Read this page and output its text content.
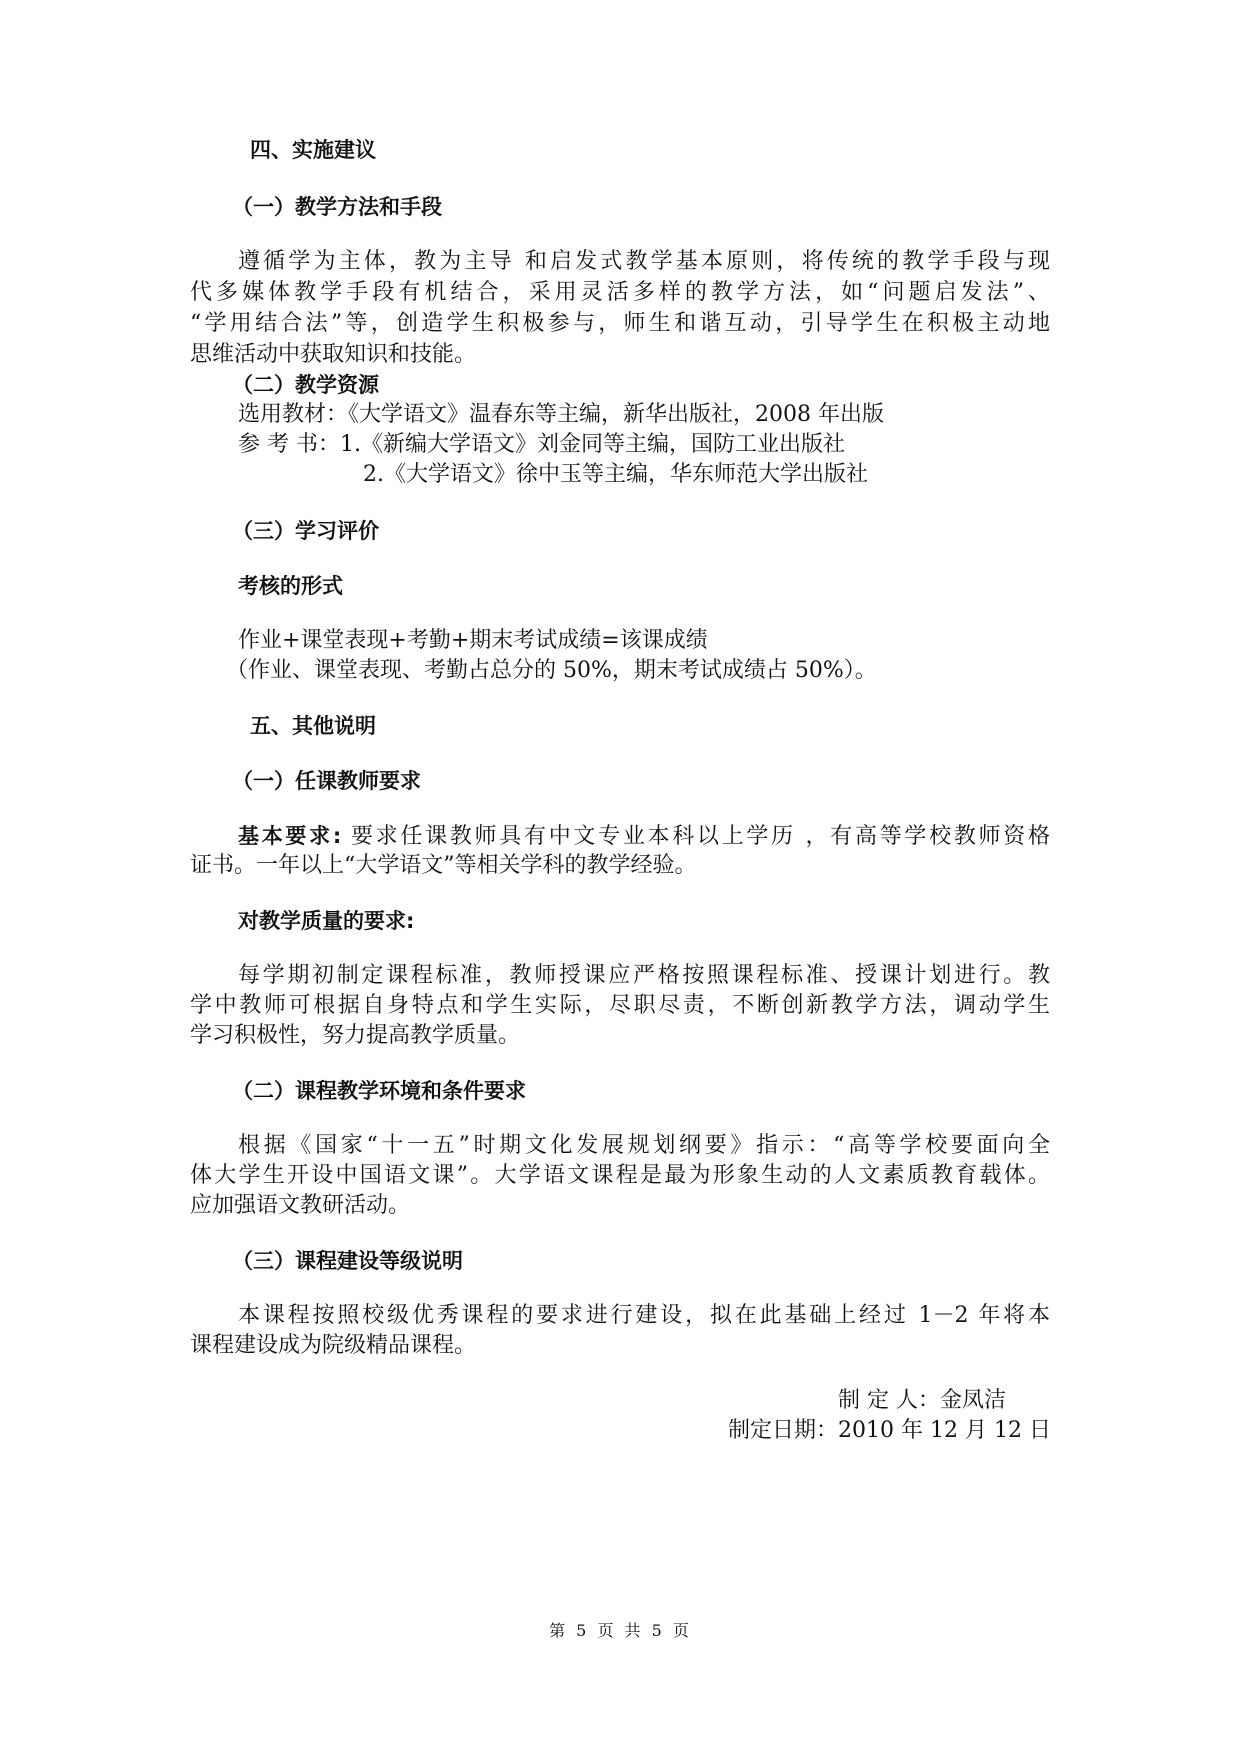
四、实施建议
（一）教学方法和手段
遵循学为主体，教为主导 和启发式教学基本原则，将传统的教学手段与现
代多媒体教学手段有机结合，采用灵活多样的教学方法，如“问题启发法”、
“学用结合法”等，创造学生积极参与，师生和谐互动，引导学生在积极主动地
思维活动中获取知识和技能。
（二）教学资源
选用教材：《大学语文》温春东等主编，新华出版社，2008 年出版
参 考 书：1.《新编大学语文》刘金同等主编，国防工业出版社
2.《大学语文》徐中玉等主编，华东师范大学出版社
（三）学习评价
考核的形式
作业+课堂表现+考勤+期末考试成绩=该课成绩
（作业、课堂表现、考勤占总分的 50%，期末考试成绩占 50%）。
五、其他说明
（一）任课教师要求
基本要求: 要求任课教师具有中文专业本科以上学历 ，有高等学校教师资格
证书。一年以上“大学语文”等相关学科的教学经验。
对教学质量的要求:
每学期初制定课程标准，教师授课应严格按照课程标准、授课计划进行。教
学中教师可根据自身特点和学生实际，尽职尽责，不断创新教学方法，调动学生
学习积极性，努力提高教学质量。
（二）课程教学环境和条件要求
根据《国家“十一五”时期文化发展规划纲要》指示：“高等学校要面向全
体大学生开设中国语文课”。大学语文课程是最为形象生动的人文素质教育载体。
应加强语文教研活动。
（三）课程建设等级说明
本课程按照校级优秀课程的要求进行建设，拟在此基础上经过 1－2 年将本
课程建设成为院级精品课程。
制 定 人：金凤洁
制定日期：2010 年 12 月 12 日
第 5 页 共 5 页
